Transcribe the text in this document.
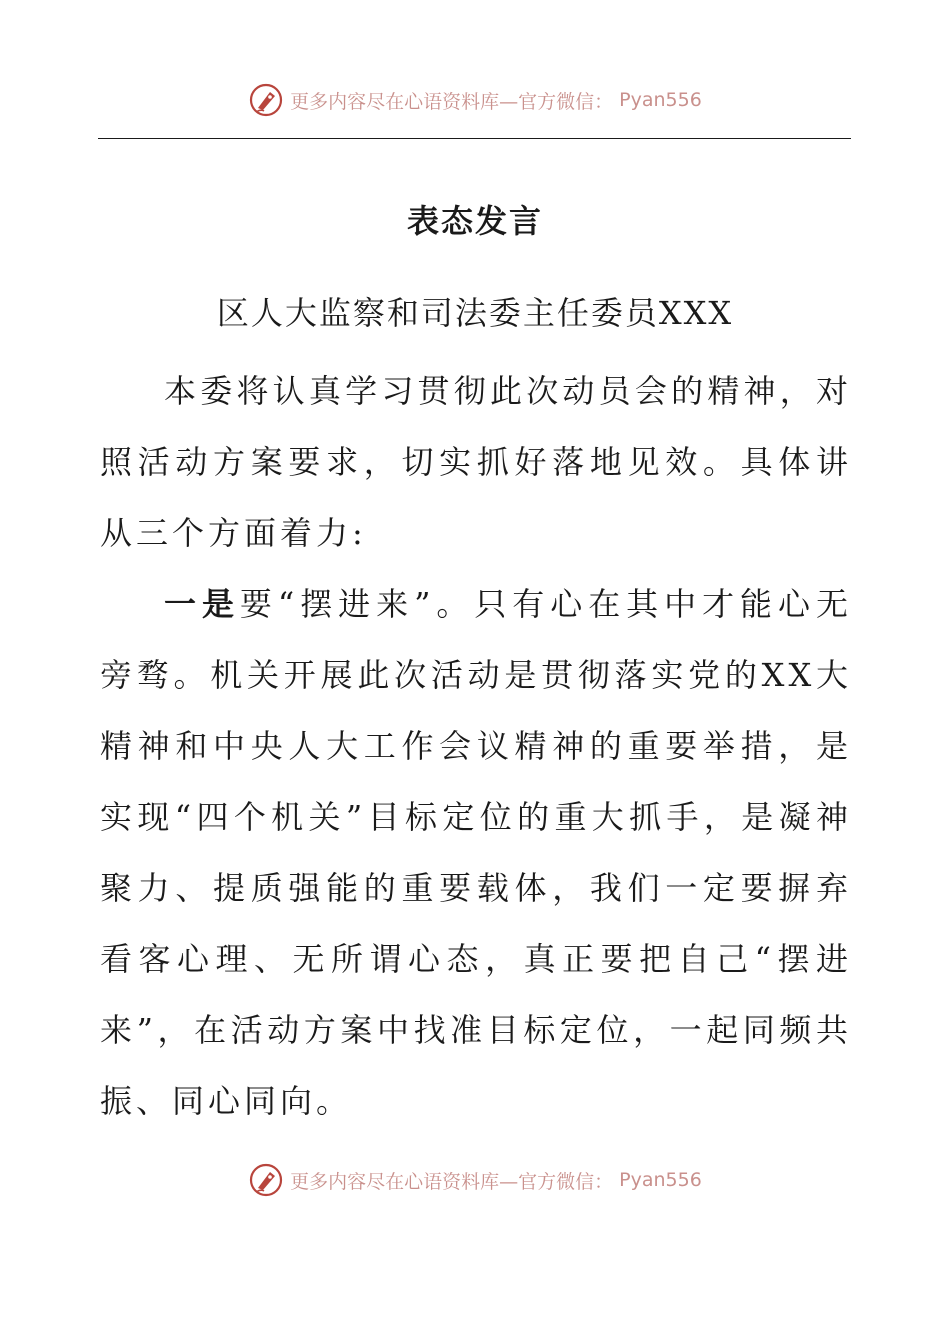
更多内容尽在心语资料库—官方微信： Pyan556
表态发言
区人大监察和司法委主任委员XXX

本委将认真学习贯彻此次动员会的精神，对照活动方案要求，切实抓好落地见效。具体讲从三个方面着力:

一是要“摆进来”。只有心在其中才能心无旁骛。机关开展此次活动是贯彻落实党的XX大精神和中央人大工作会议精神的重要举措，是实现“四个机关”目标定位的重大抓手，是凝神聚力、提质强能的重要载体，我们一定要摒弃看客心理、无所谓心态，真正要把自己“摆进来”，在活动方案中找准目标定位，一起同频共振、同心同向。

更多内容尽在心语资料库—官方微信： Pyan556
